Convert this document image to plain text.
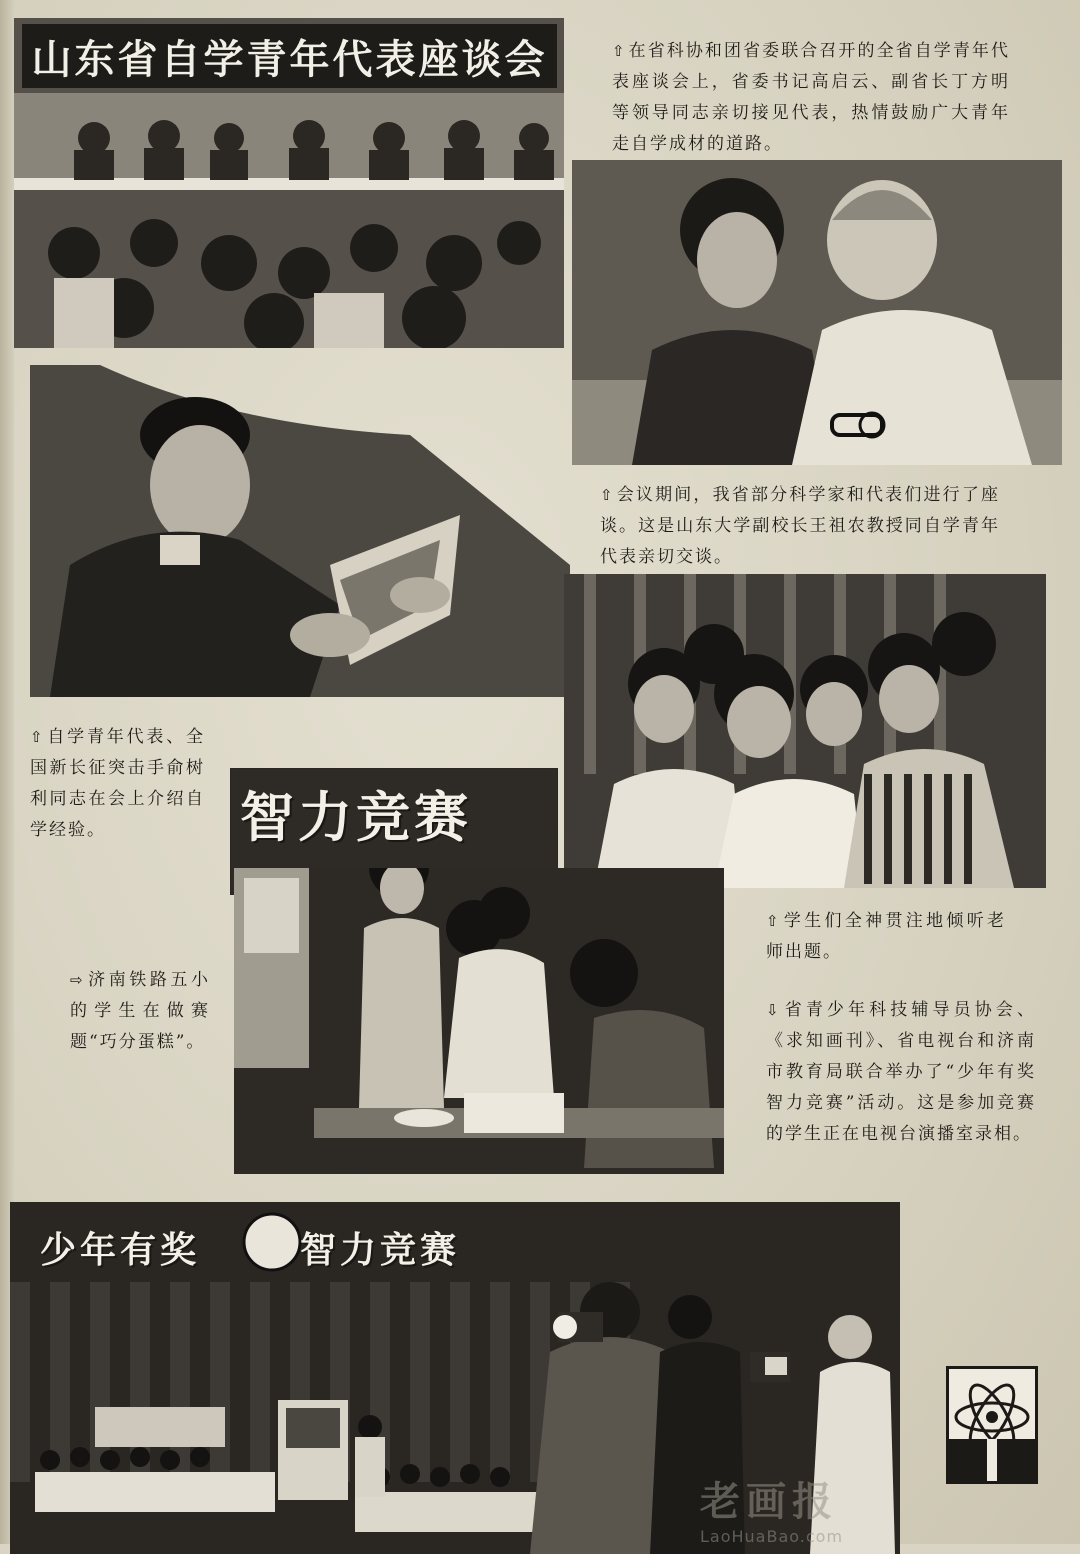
山东省自学青年代表座谈会	⇧ 在省科协和团省委联合召开的全省自学青年代表座谈会上，省委书记高启云、副省长丁方明等领导同志亲切接见代表，热情鼓励广大青年走自学成材的道路。
⇧ 会议期间，我省部分科学家和代表们进行了座谈。这是山东大学副校长王祖农教授同自学青年代表亲切交谈。
⇧ 自学青年代表、全国新长征突击手俞树利同志在会上介绍自学经验。	智力竞赛
⇧ 学生们全神贯注地倾听老师出题。
⇨ 济南铁路五小的学生在做赛题“巧分蛋糕”。
⇩ 省青少年科技辅导员协会、《求知画刊》、省电视台和济南市教育局联合举办了“少年有奖智力竞赛”活动。这是参加竞赛的学生正在电视台演播室录相。
少年有奖	智力竞赛
老画报
LaoHuaBao.com
